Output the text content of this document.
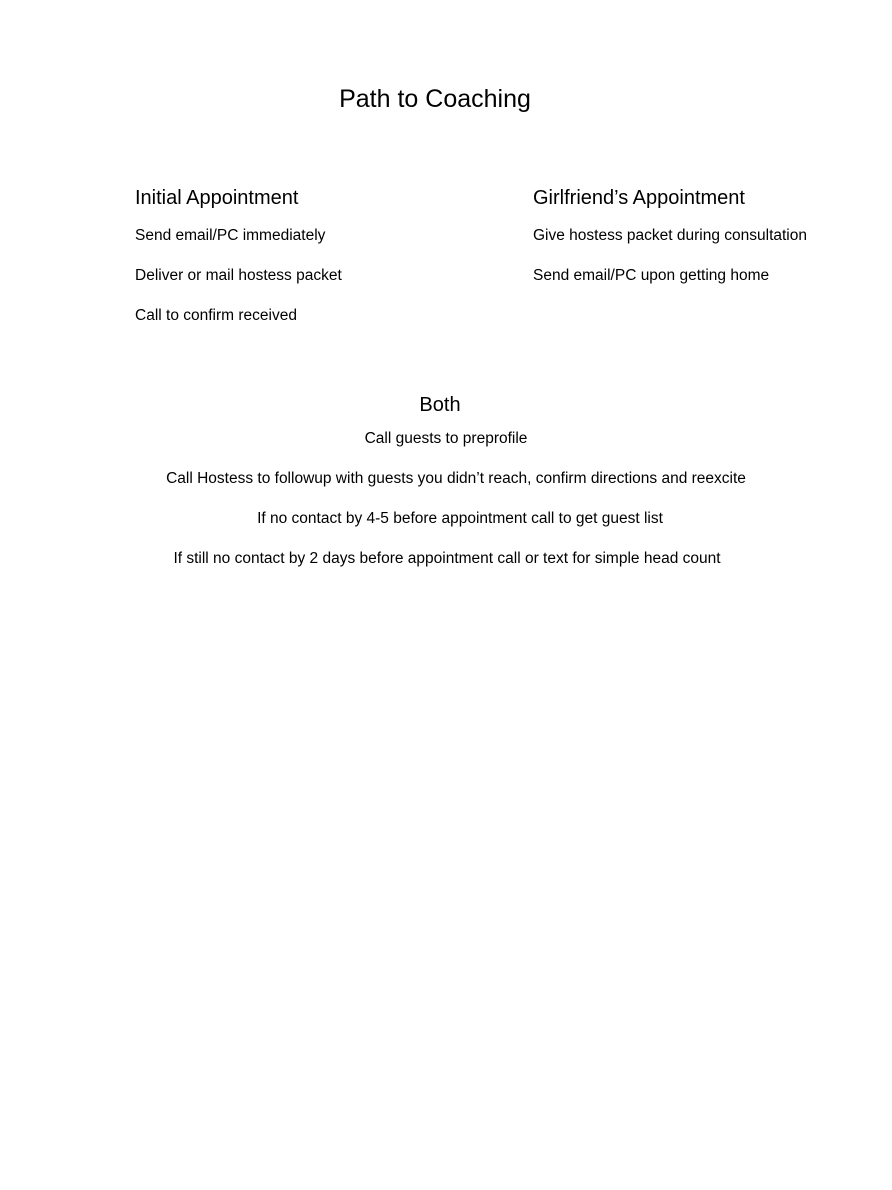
Path to Coaching
Initial Appointment
Send email/PC immediately
Deliver or mail hostess packet
Call to confirm received
Girlfriend’s Appointment
Give hostess packet during consultation
Send email/PC upon getting home
Both
Call guests to preprofile
Call Hostess to followup with guests you didn’t reach, confirm directions and reexcite
If no contact by 4-5 before appointment call to get guest list
If still no contact by 2 days before appointment call or text for simple head count
